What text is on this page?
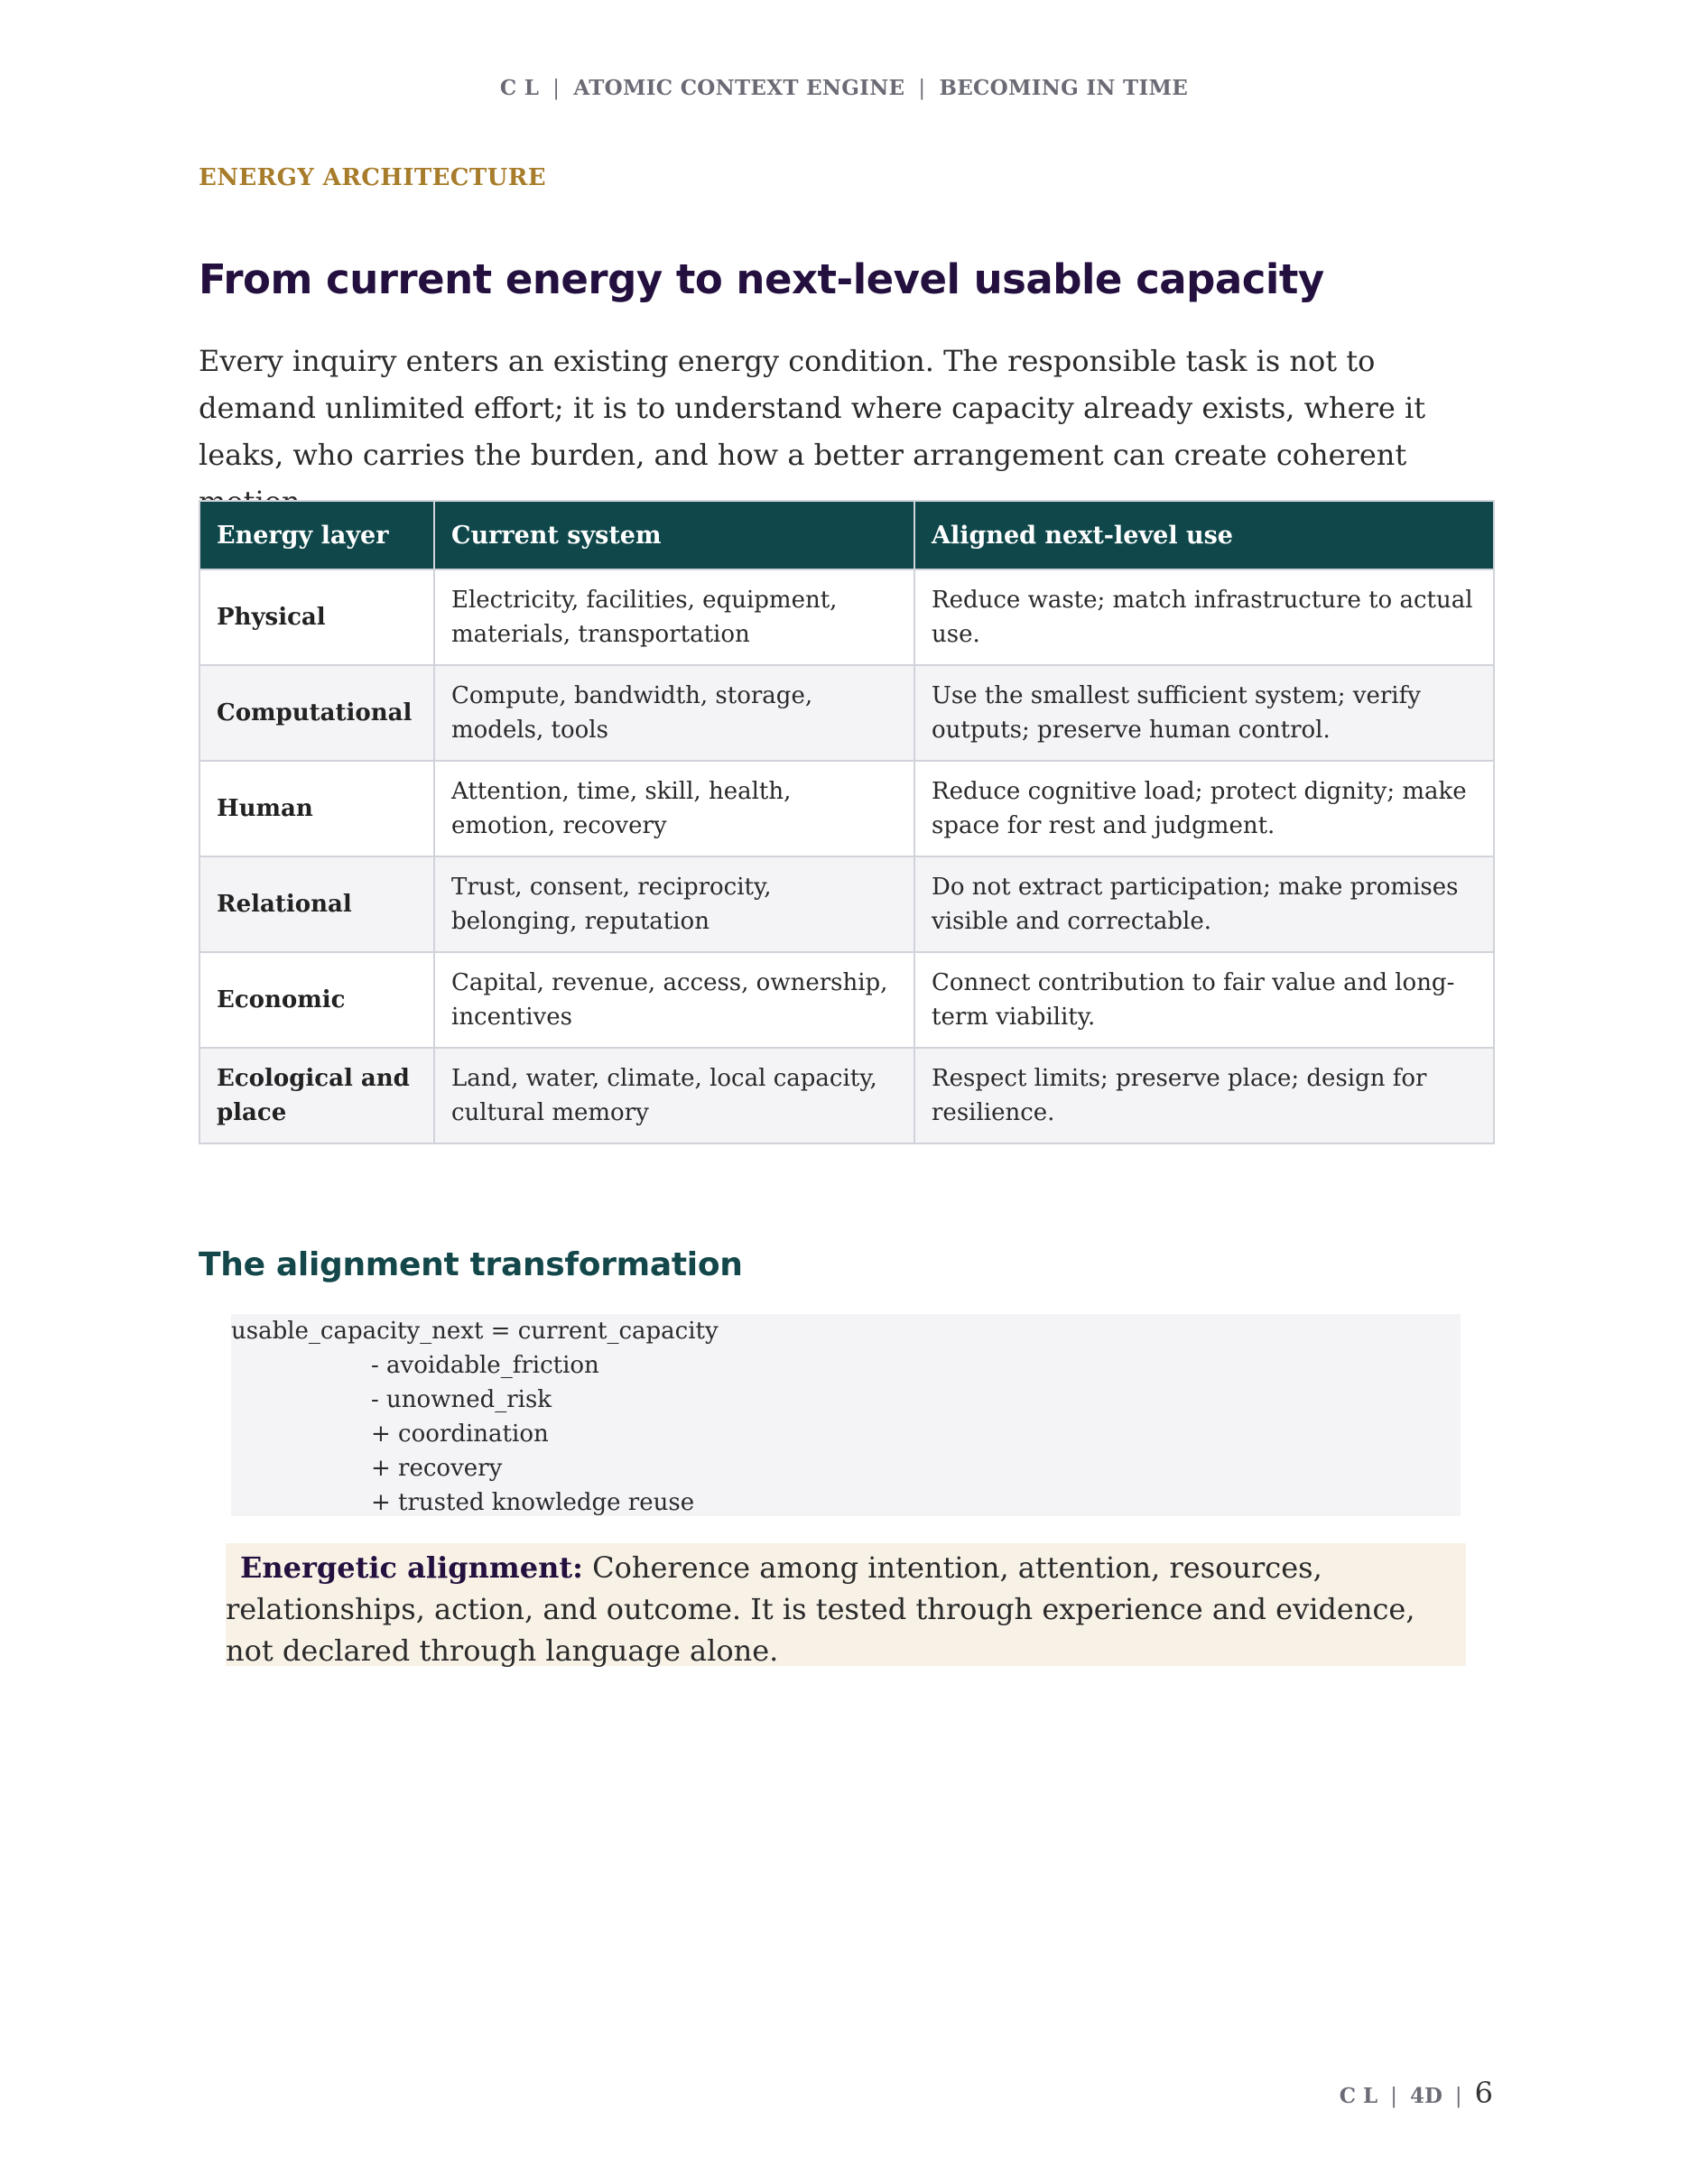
C L | ATOMIC CONTEXT ENGINE | BECOMING IN TIME
ENERGY ARCHITECTURE
From current energy to next-level usable capacity

Every inquiry enters an existing energy condition. The responsible task is not to demand unlimited effort; it is to understand where capacity already exists, where it leaks, who carries the burden, and how a better arrangement can create coherent

Energy layer	Current system	Aligned next-level use
Physical	Electricity, facilities, equipment, materials, transportation	Reduce waste; match infrastructure to actual use.
Computational	Compute, bandwidth, storage, models, tools	Use the smallest sufficient system; verify outputs; preserve human control.
Human	Attention, time, skill, health, emotion, recovery	Reduce cognitive load; protect dignity; make space for rest and judgment.
Relational	Trust, consent, reciprocity, belonging, reputation	Do not extract participation; make promises visible and correctable.
Economic	Capital, revenue, access, ownership, incentives	Connect contribution to fair value and long-term viability.
Ecological and place	Land, water, climate, local capacity, cultural memory	Respect limits; preserve place; design for resilience.
The alignment transformation
usable_capacity_next = current_capacity
- avoidable_friction
- unowned_risk
+ coordination
+ recovery
+ trusted knowledge reuse
Energetic alignment: Coherence among intention, attention, resources, relationships, action, and outcome. It is tested through experience and evidence, not declared through language alone.
C L | 4D | 6
